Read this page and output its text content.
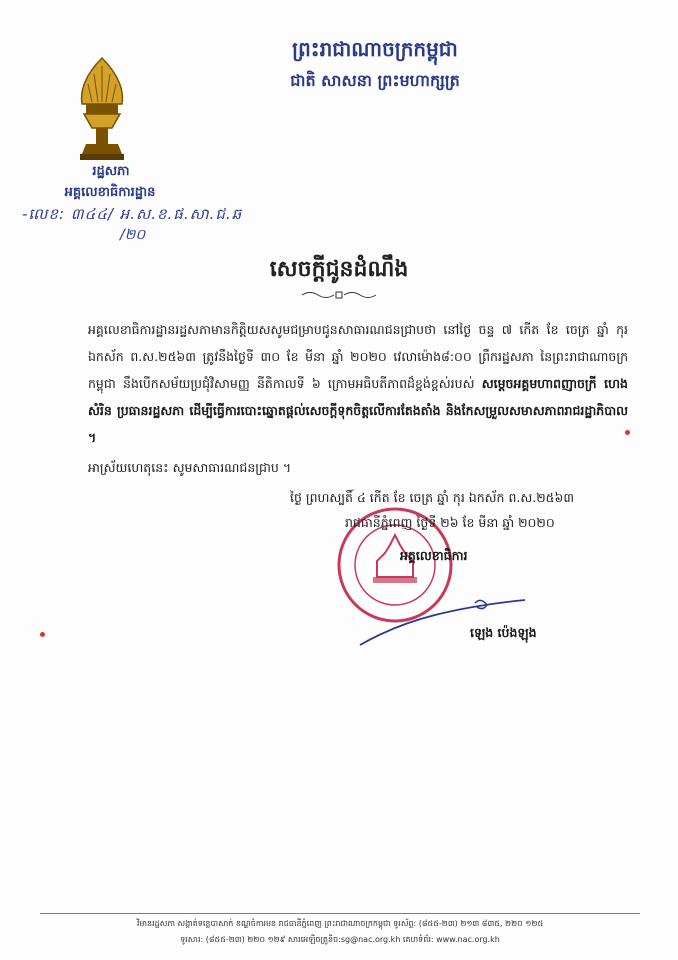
ព្រះរាជាណាចក្រកម្ពុជា
ជាតិ សាសនា ព្រះមហាក្សត្រ
រដ្ឋសភា
អគ្គលេខាធិការដ្ឋាន
-លេខ: ៣៤៤/ អ.ស.ខ.ផ.សា.ជ.ឆ
/២០
សេចក្តីជូនដំណឹង
អគ្គលេខាធិការដ្ឋានរដ្ឋសភាមានកិត្តិយសសូមជម្រាបជូនសាធារណជនជ្រាបថា នៅថ្ងៃ ចន្ទ ៧ កើត ខែ ចេត្រ ឆ្នាំ កុរ ឯកស័ក ព.ស.២៥៦៣ ត្រូវនឹងថ្ងៃទី ៣០ ខែ មីនា ឆ្នាំ ២០២០ វេលាម៉ោង៨:០០ ព្រឹករដ្ឋសភា នៃព្រះរាជាណាចក្រកម្ពុជា នឹងបើកសម័យប្រជុំវិសាមញ្ញ នីតិកាលទី ៦ ក្រោមអធិបតីភាពដ៏ខ្ពង់ខ្ពស់របស់ សម្តេចអគ្គមហាពញាចក្រី ហេង សំរិន ប្រធានរដ្ឋសភា ដើម្បីធ្វើការបោះឆ្នោតផ្តល់សេចក្តីទុកចិត្តលើការតែងតាំង និងកែសម្រួលសមាសភាពរាជរដ្ឋាភិបាល ។
អាស្រ័យហេតុនេះ សូមសាធារណជនជ្រាប ។
ថ្ងៃ ព្រហស្បតិ៍ ៤ កើត ខែ ចេត្រ ឆ្នាំ កុរ ឯកស័ក ព.ស.២៥៦៣
រាជធានីភ្នំពេញ ថ្ងៃទី ២៦ ខែ មីនា ឆ្នាំ ២០២០
អគ្គលេខាធិការ
ឡេង ប៉េងឡុង
វិមានរដ្ឋសភា សង្កាត់ទន្លេបាសាក់ ខណ្ឌចំការមន រាជធានីភ្នំពេញ ព្រះរាជាណាចក្រកម្ពុជា ទូរស័ព្ទ: (៨៥៥-២៣) ២១៣ ៨៣៥, ២២០ ១២៥
ទូរសារ: (៨៥៥-២៣) ២២០ ១២៩ សារអេឡិចត្រូនិច:sg@nac.org.kh គេហទំព័រ: www.nac.org.kh
